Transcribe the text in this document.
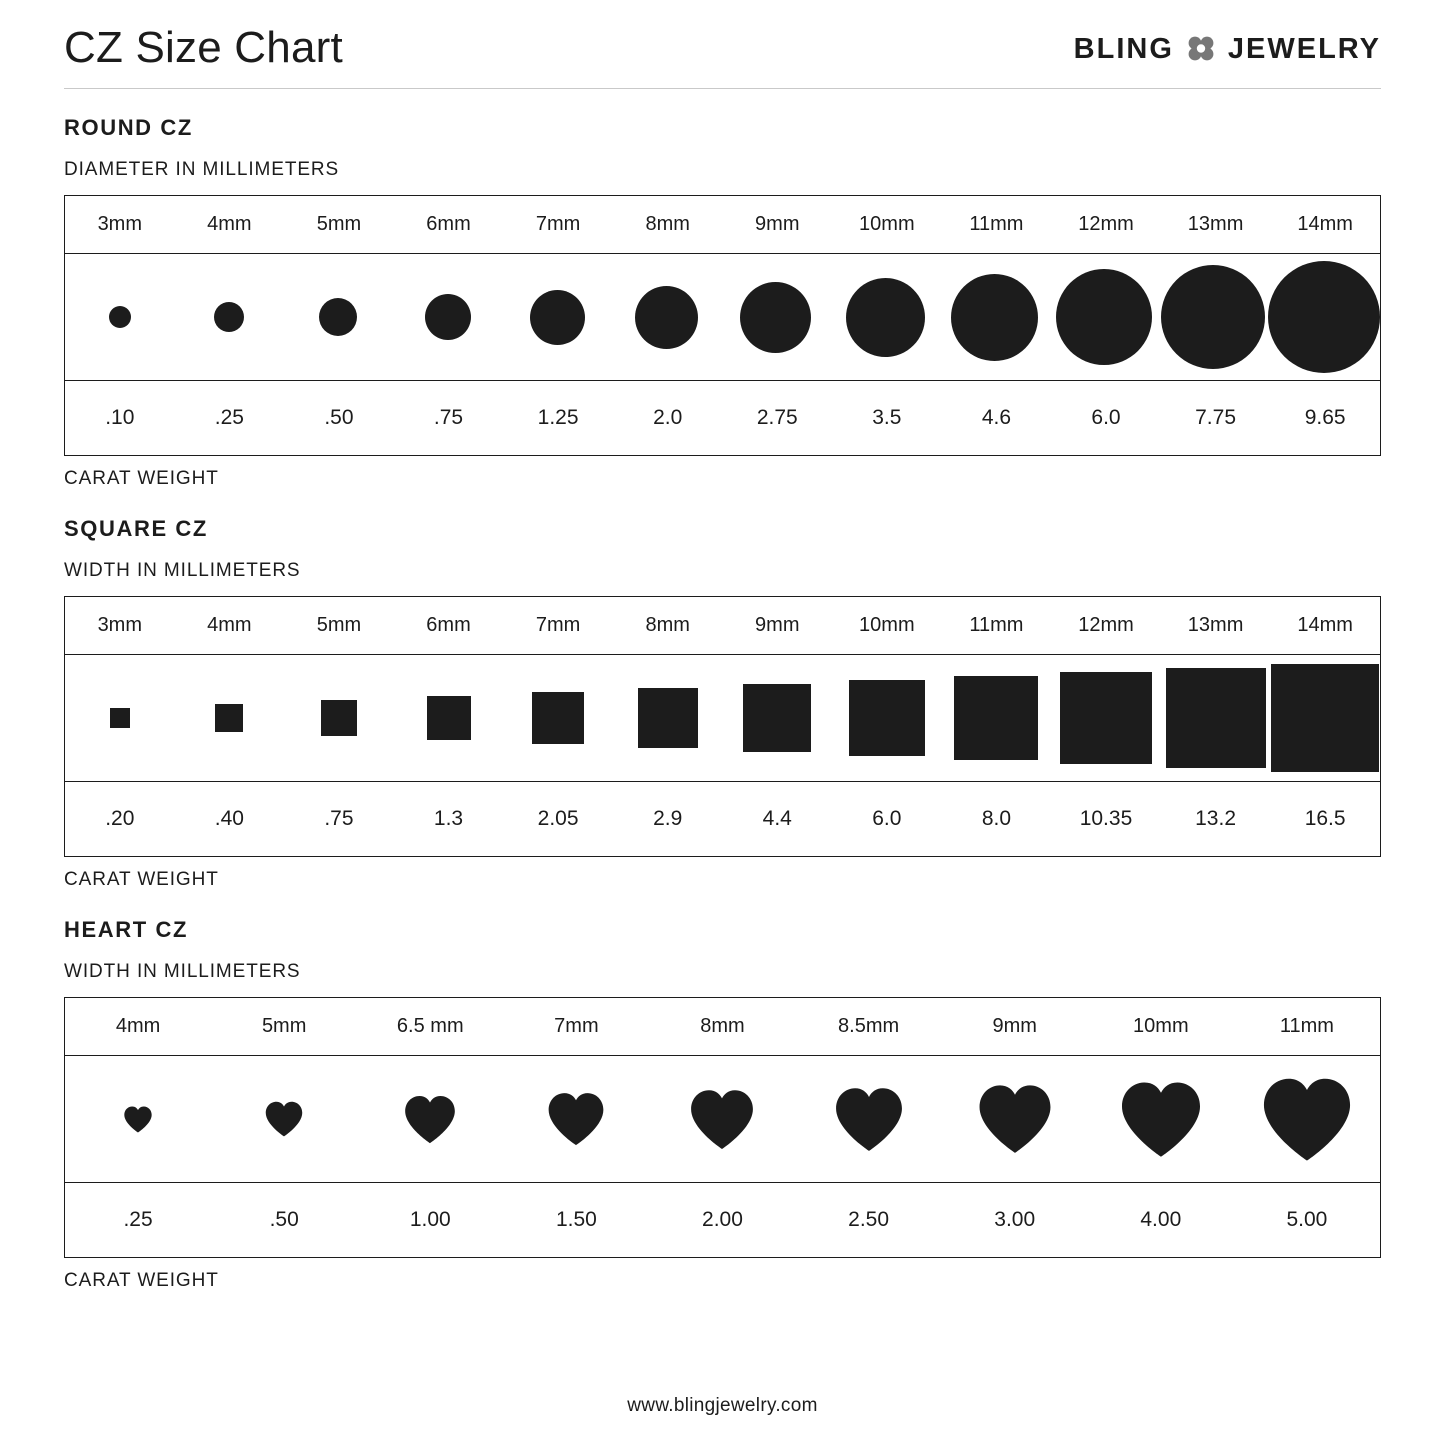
CZ Size Chart	BLING JEWELRY
ROUND CZ
DIAMETER IN MILLIMETERS
3mm	4mm	5mm	6mm	7mm	8mm	9mm	10mm	11mm	12mm	13mm	14mm
.10	.25	.50	.75	1.25	2.0	2.75	3.5	4.6	6.0	7.75	9.65
CARAT WEIGHT
SQUARE CZ
WIDTH IN MILLIMETERS
3mm	4mm	5mm	6mm	7mm	8mm	9mm	10mm	11mm	12mm	13mm	14mm
.20	.40	.75	1.3	2.05	2.9	4.4	6.0	8.0	10.35	13.2	16.5
CARAT WEIGHT
HEART CZ
WIDTH IN MILLIMETERS
4mm	5mm	6.5 mm	7mm	8mm	8.5mm	9mm	10mm	11mm
.25	.50	1.00	1.50	2.00	2.50	3.00	4.00	5.00
CARAT WEIGHT
www.blingjewelry.com
